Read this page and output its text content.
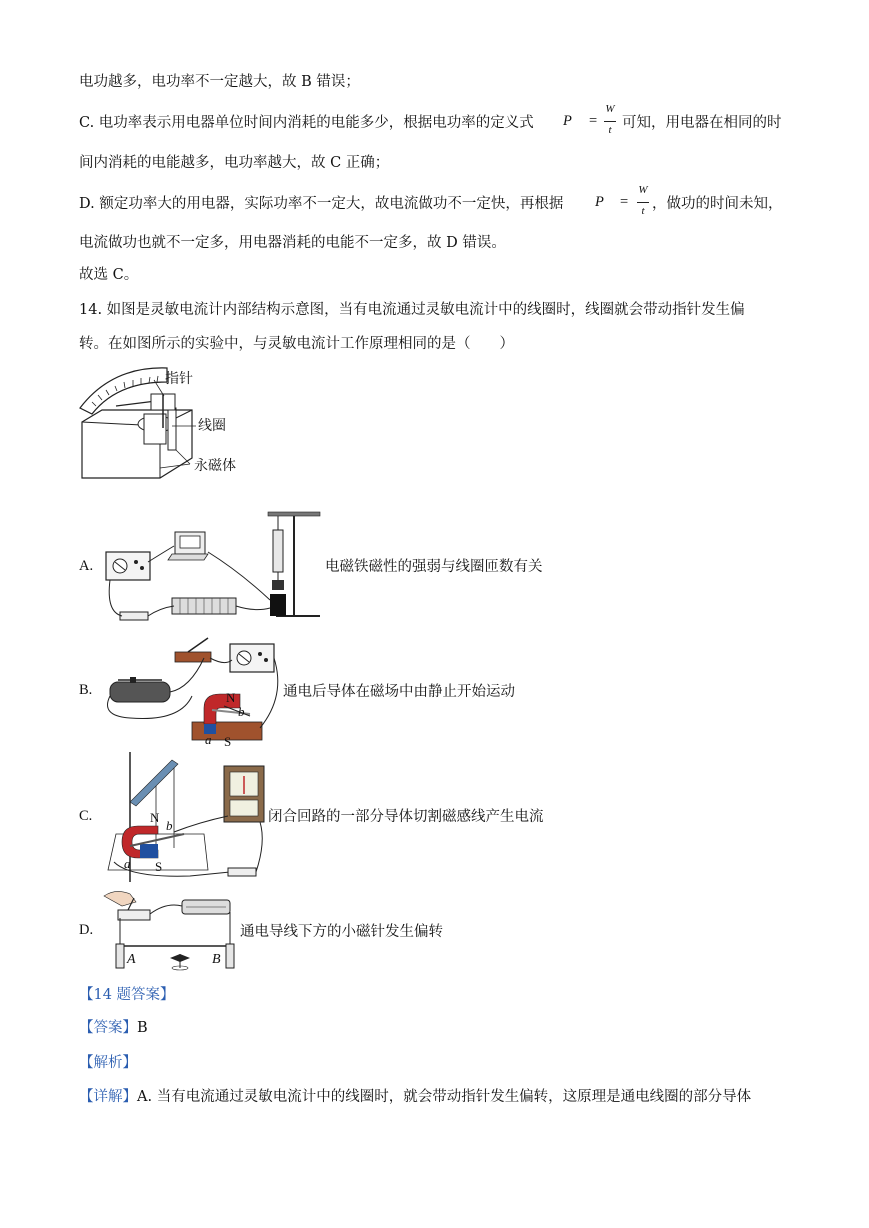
电功越多，电功率不一定越大，故 B 错误；
C. 电功率表示用电器单位时间内消耗的电能多少，根据电功率的定义式 P =
W
t 可知，用电器在相同的时
间内消耗的电能越多，电功率越大，故 C 正确；
D. 额定功率大的用电器，实际功率不一定大，故电流做功不一定快，再根据 P =
W
t ，做功的时间未知，
电流做功也就不一定多，用电器消耗的电能不一定多，故 D 错误。
故选 C。
14. 如图是灵敏电流计内部结构示意图，当有电流通过灵敏电流计中的线圈时，线圈就会带动指针发生偏
转。在如图所示的实验中，与灵敏电流计工作原理相同的是（　　）
指针
线圈
永磁体
A.	电磁铁磁性的强弱与线圈匝数有关
B.	N
b
a S
通电后导体在磁场中由静止开始运动
C.	N
b
a S
闭合回路的一部分导体切割磁感线产生电流
D.
A	B
通电导线下方的小磁针发生偏转
【14 题答案】
【答案】B
【解析】
【详解】A. 当有电流通过灵敏电流计中的线圈时，就会带动指针发生偏转，这原理是通电线圈的部分导体
